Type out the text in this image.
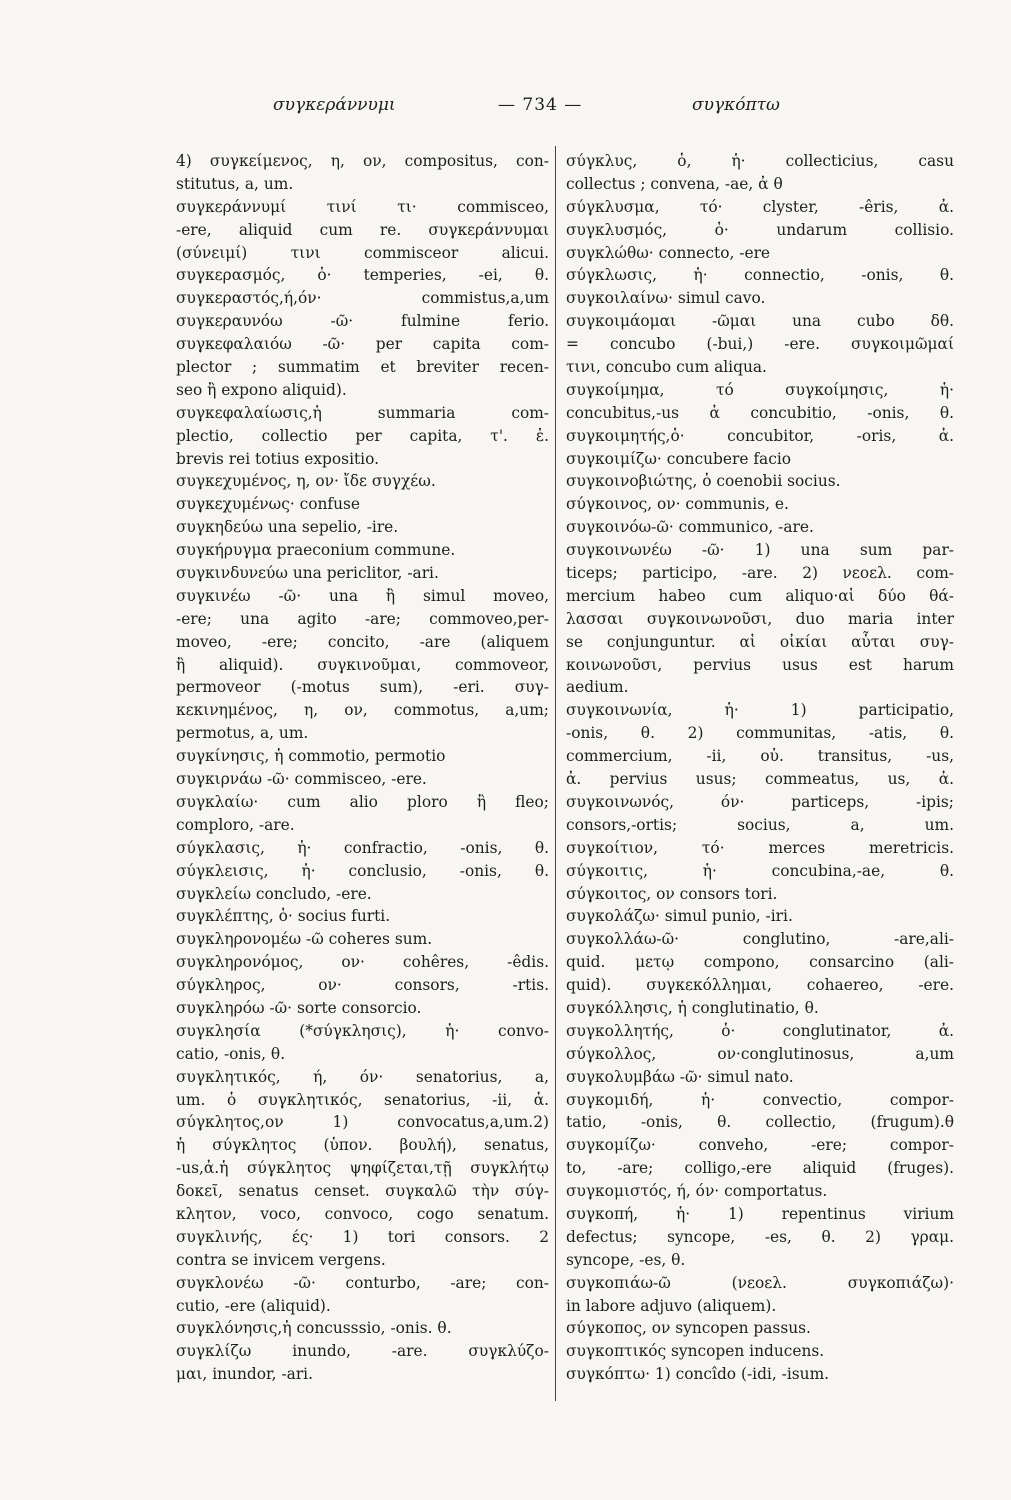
συγκεράννυμι	— 734 —	συγκόπτω
4) συγκείμενος, η, ον, compositus, con-
stitutus, a, um.
συγκεράννυμί τινί τι· commisceo,
-ere, aliquid cum re. συγκεράννυμαι
(σύνειμί) τινι commisceor alicui.
συγκερασμός, ὁ· temperies, -ei, θ.
συγκεραστός,ή,όν· commistus,a,um
συγκεραυνόω -ῶ· fulmine ferio.
συγκεφαλαιόω -ῶ· per capita com-
plector ; summatim et breviter recen-
seo ἢ expono aliquid).
συγκεφαλαίωσις,ἡ summaria com-
plectio, collectio per capita, τ'. ἑ.
brevis rei totius expositio.
συγκεχυμένος, η, ον· ἴδε συγχέω.
συγκεχυμένως· confuse
συγκηδεύω una sepelio, -ire.
συγκήρυγμα praeconium commune.
συγκινδυνεύω una periclitor, -ari.
συγκινέω -ῶ· una ἢ simul moveo,
-ere; una agito -are; commoveo,per-
moveo, -ere; concito, -are (aliquem
ἢ aliquid). συγκινοῦμαι, commoveor,
permoveor (-motus sum), -eri. συγ-
κεκινημένος, η, ον, commotus, a,um;
permotus, a, um.
συγκίνησις, ἡ commotio, permotio
συγκιρνάω -ῶ· commisceo, -ere.
συγκλαίω· cum alio ploro ἢ fleo;
comploro, -are.
σύγκλασις, ἡ· confractio, -onis, θ.
σύγκλεισις, ἡ· conclusio, -onis, θ.
συγκλείω concludo, -ere.
συγκλέπτης, ὁ· socius furti.
συγκληρονομέω -ῶ coheres sum.
συγκληρονόμος, ον· cohêres, -êdis.
σύγκληρος, ον· consors, -rtis.
συγκληρόω -ῶ· sorte consorcio.
συγκλησία (*σύγκλησις), ἡ· convo-
catio, -onis, θ.
συγκλητικός, ή, όν· senatorius, a,
um. ὁ συγκλητικός, senatorius, -ii, ἀ.
σύγκλητος,ον 1) convocatus,a,um.2)
ἡ σύγκλητος (ὑπον. βουλή), senatus,
-us,ἀ.ἡ σύγκλητος ψηφίζεται,τῇ συγκλήτῳ
δοκεῖ, senatus censet. συγκαλῶ τὴν σύγ-
κλητον, voco, convoco, cogo senatum.
συγκλινής, ές· 1) tori consors. 2
contra se invicem vergens.
συγκλονέω -ῶ· conturbo, -are; con-
cutio, -ere (aliquid).
συγκλόνησις,ἡ concusssio, -onis. θ.
συγκλίζω inundo, -are. συγκλύζο-
μαι, inundor, -ari.
σύγκλυς, ὁ, ἡ· collecticius, casu
collectus ; convena, -ae, ἀ θ
σύγκλυσμα, τό· clyster, -êris, ἀ.
συγκλυσμός, ὁ· undarum collisio.
συγκλώθω· connecto, -ere
σύγκλωσις, ἡ· connectio, -onis, θ.
συγκοιλαίνω· simul cavo.
συγκοιμάομαι -ῶμαι una cubo δθ.
= concubo (-bui,) -ere. συγκοιμῶμαί
τινι, concubo cum aliqua.
συγκοίμημα, τό συγκοίμησις, ἡ·
concubitus,-us ἀ concubitio, -onis, θ.
συγκοιμητής,ὁ· concubitor, -oris, ἀ.
συγκοιμίζω· concubere facio
συγκοινοβιώτης, ὁ coenobii socius.
σύγκοινος, ον· communis, e.
συγκοινόω-ῶ· communico, -are.
συγκοινωνέω -ῶ· 1) una sum par-
ticeps; participo, -are. 2) νεοελ. com-
mercium habeo cum aliquo·αἱ δύο θά-
λασσαι συγκοινωνοῦσι, duo maria inter
se conjunguntur. αἱ οἰκίαι αὗται συγ-
κοινωνοῦσι, pervius usus est harum
aedium.
συγκοινωνία, ἡ· 1) participatio,
-onis, θ. 2) communitas, -atis, θ.
commercium, -ii, οὐ. transitus, -us,
ἀ. pervius usus; commeatus, us, ἀ.
συγκοινωνός, όν· particeps, -ipis;
consors,-ortis; socius, a, um.
συγκοίτιον, τό· merces meretricis.
σύγκοιτις, ἡ· concubina,-ae, θ.
σύγκοιτος, ον consors tori.
συγκολάζω· simul punio, -iri.
συγκολλάω-ῶ· conglutino, -are,ali-
quid. μετῳ compono, consarcino (ali-
quid). συγκεκόλλημαι, cohaereo, -ere.
συγκόλλησις, ἡ conglutinatio, θ.
συγκολλητής, ὁ· conglutinator, ἀ.
σύγκολλος, ον·conglutinosus, a,um
συγκολυμβάω -ῶ· simul nato.
συγκομιδή, ἡ· convectio, compor-
tatio, -onis, θ. collectio, (frugum).θ
συγκομίζω· conveho, -ere; compor-
to, -are; colligo,-ere aliquid (fruges).
συγκομιστός, ή, όν· comportatus.
συγκοπή, ἡ· 1) repentinus virium
defectus; syncope, -es, θ. 2) γραμ.
syncope, -es, θ.
συγκοπιάω-ῶ (νεοελ. συγκοπιάζω)·
in labore adjuvo (aliquem).
σύγκοπος, ον syncopen passus.
συγκοπτικός syncopen inducens.
συγκόπτω· 1) concîdo (-idi, -isum.
